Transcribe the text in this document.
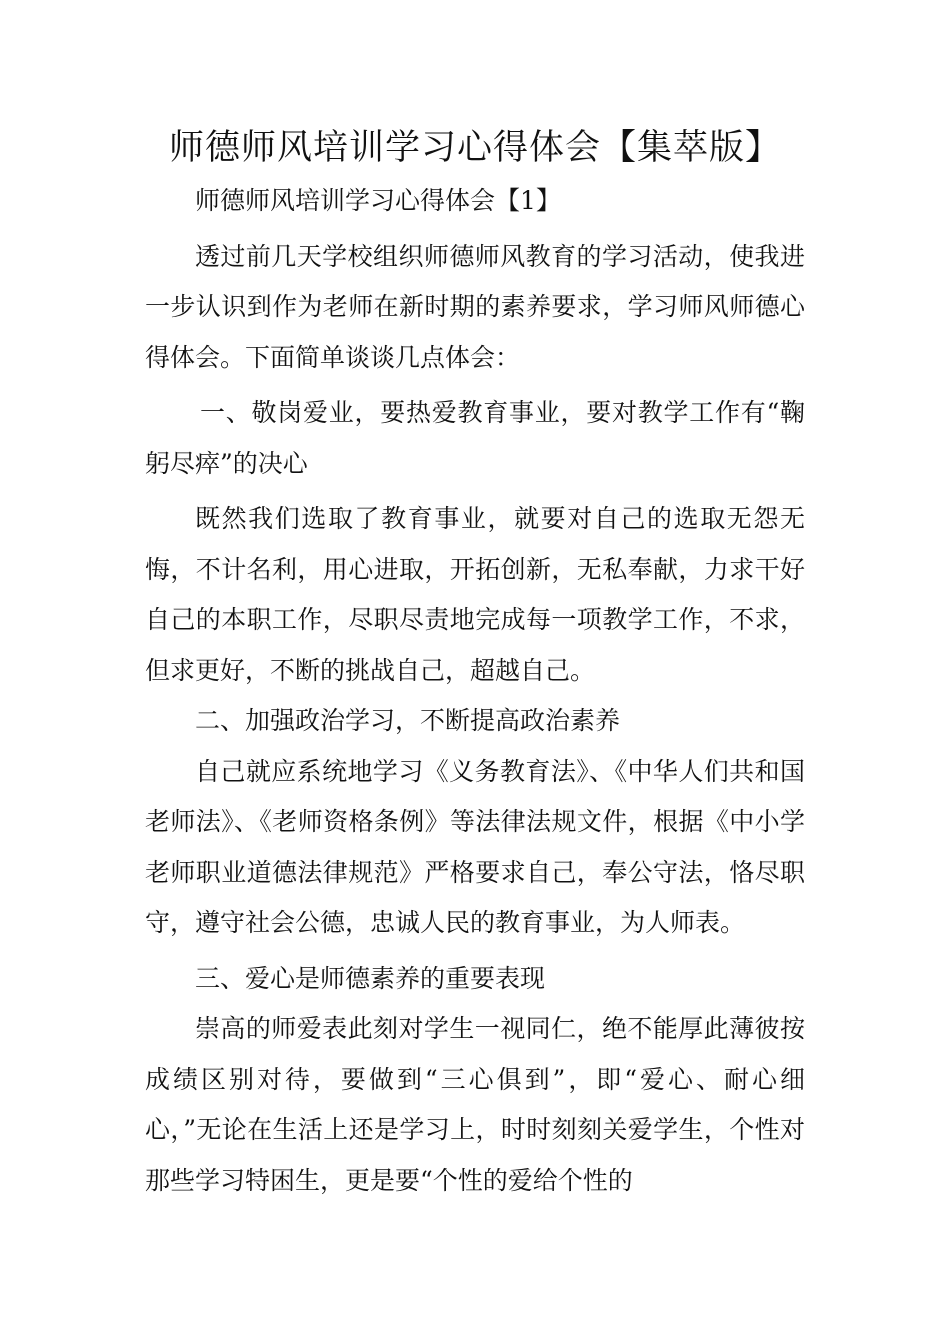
师德师风培训学习心得体会【集萃版】

师德师风培训学习心得体会【1】

透过前几天学校组织师德师风教育的学习活动，使我进一步认识到作为老师在新时期的素养要求，学习师风师德心得体会。下面简单谈谈几点体会：

一、敬岗爱业，要热爱教育事业，要对教学工作有“鞠躬尽瘁”的决心

既然我们选取了教育事业，就要对自己的选取无怨无悔，不计名利，用心进取，开拓创新，无私奉献，力求干好自己的本职工作，尽职尽责地完成每一项教学工作，不求，但求更好，不断的挑战自己，超越自己。

二、加强政治学习，不断提高政治素养

自己就应系统地学习《义务教育法》、《中华人们共和国老师法》、《老师资格条例》等法律法规文件，根据《中小学老师职业道德法律规范》严格要求自己，奉公守法，恪尽职守，遵守社会公德，忠诚人民的教育事业，为人师表。

三、爱心是师德素养的重要表现

崇高的师爱表此刻对学生一视同仁，绝不能厚此薄彼按成绩区别对待，要做到“三心俱到”，即“爱心、耐心细心，”无论在生活上还是学习上，时时刻刻关爱学生，个性对那些学习特困生，更是要“个性的爱给个性的
